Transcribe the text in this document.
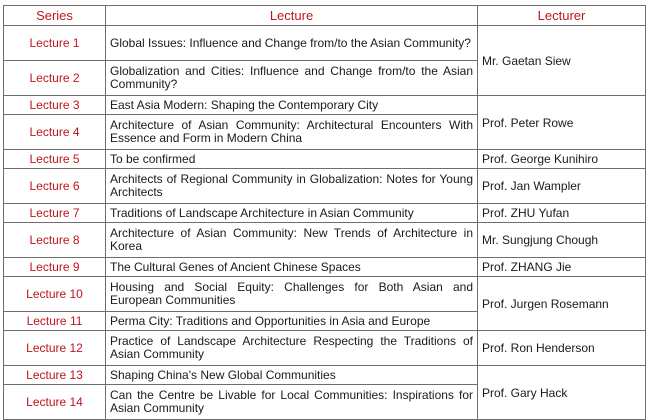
Series	Lecture	Lecturer
Lecture 1	Global Issues: Influence and Change from/to the Asian Community?	Mr. Gaetan Siew
Lecture 2	Globalization and Cities: Influence and Change from/to the Asian Community?	
Lecture 3	East Asia Modern: Shaping the Contemporary City	Prof. Peter Rowe
Lecture 4	Architecture of Asian Community: Architectural Encounters With Essence and Form in Modern China	
Lecture 5	To be confirmed	Prof. George Kunihiro
Lecture 6	Architects of Regional Community in Globalization: Notes for Young Architects	Prof. Jan Wampler
Lecture 7	Traditions of Landscape Architecture in Asian Community	Prof. ZHU Yufan
Lecture 8	Architecture of Asian Community: New Trends of Architecture in Korea	Mr. Sungjung Chough
Lecture 9	The Cultural Genes of Ancient Chinese Spaces	Prof. ZHANG Jie
Lecture 10	Housing and Social Equity: Challenges for Both Asian and European Communities	Prof. Jurgen Rosemann
Lecture 11	Perma City: Traditions and Opportunities in Asia and Europe	
Lecture 12	Practice of Landscape Architecture Respecting the Traditions of Asian Community	Prof. Ron Henderson
Lecture 13	Shaping China's New Global Communities	Prof. Gary Hack
Lecture 14	Can the Centre be Livable for Local Communities: Inspirations for Asian Community	
